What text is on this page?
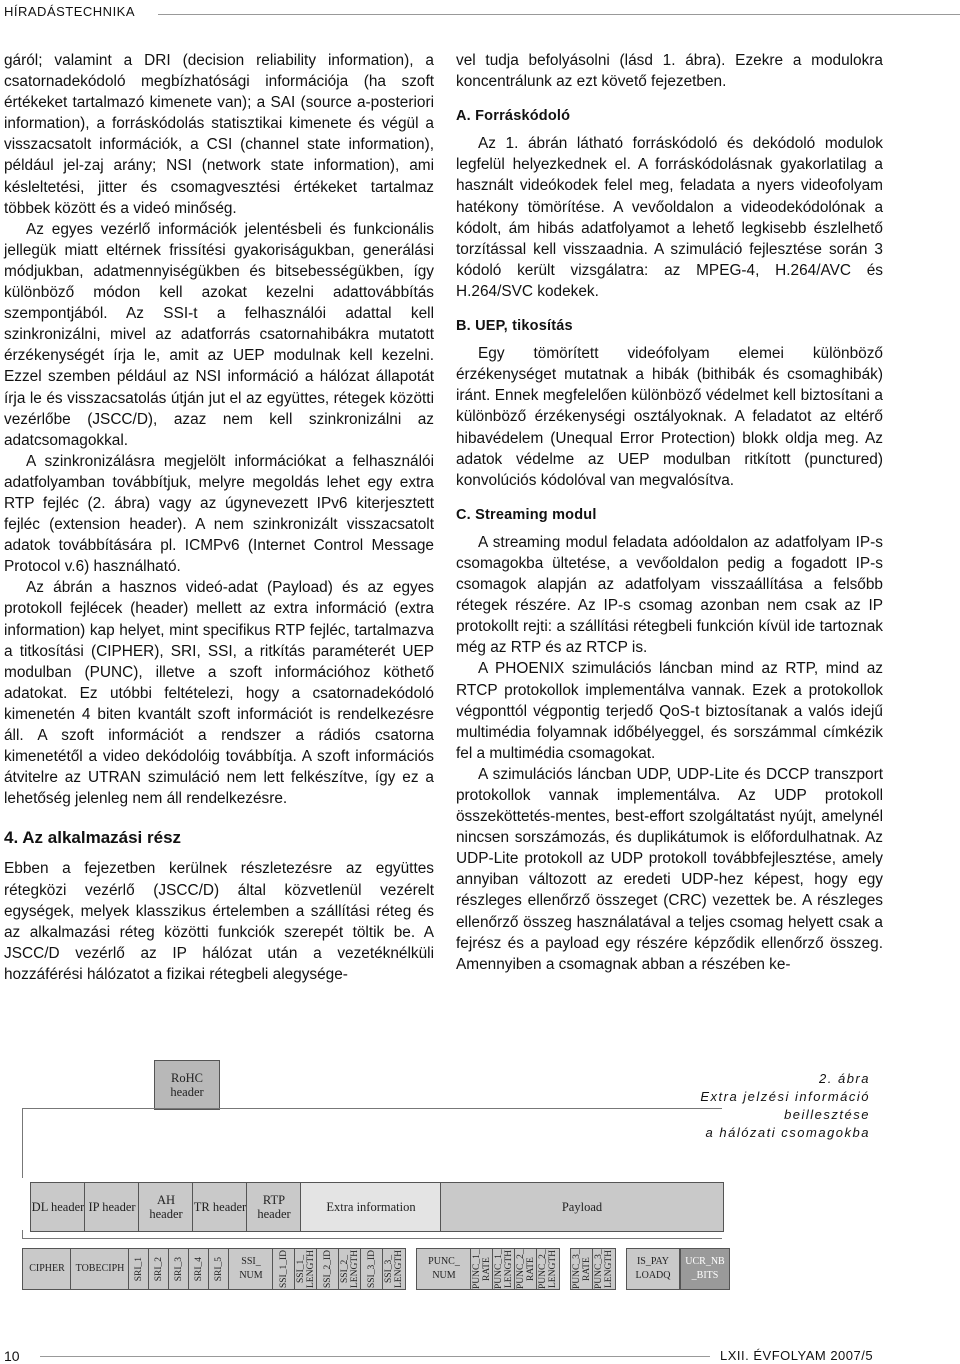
HÍRADÁSTECHNIKA

gáról; valamint a DRI (decision reliability information), a csatornadekódoló megbízhatósági információja (ha szoft értékeket tartalmazó kimenete van); a SAI (source a-posteriori information), a forráskódolás statisztikai kimenete és végül a visszacsatolt információk, a CSI (channel state information), például jel-zaj arány; NSI (network state information), ami késleltetési, jitter és csomagvesztési értékeket tartalmaz többek között és a videó minőség.

Az egyes vezérlő információk jelentésbeli és funkcionális jellegük miatt eltérnek frissítési gyakoriságukban, generálási módjukban, adatmennyiségükben és bitsebességükben, így különböző módon kell azokat kezelni adattovábbítás szempontjából. Az SSI-t a felhasználói adattal kell szinkronizálni, mivel az adatforrás csatornahibákra mutatott érzékenységét írja le, amit az UEP modulnak kell kezelni. Ezzel szemben például az NSI információ a hálózat állapotát írja le és visszacsatolás útján jut el az együttes, rétegek közötti vezérlőbe (JSCC/D), azaz nem kell szinkronizálni az adatcsomagokkal.

A szinkronizálásra megjelölt információkat a felhasználói adatfolyamban továbbítjuk, melyre megoldás lehet egy extra RTP fejléc (2. ábra) vagy az úgynevezett IPv6 kiterjesztett fejléc (extension header). A nem szinkronizált visszacsatolt adatok továbbítására pl. ICMPv6 (Internet Control Message Protocol v.6) használható.

Az ábrán a hasznos videó-adat (Payload) és az egyes protokoll fejlécek (header) mellett az extra információ (extra information) kap helyet, mint specifikus RTP fejléc, tartalmazva a titkosítási (CIPHER), SRI, SSI, a ritkítás paraméterét UEP modulban (PUNC), illetve a szoft információhoz köthető adatokat. Ez utóbbi feltételezi, hogy a csatornadekódoló kimenetén 4 biten kvantált szoft információt is rendelkezésre áll. A szoft információt a rendszer a rádiós csatorna kimenetétől a video dekódolóig továbbítja. A szoft információs átvitelre az UTRAN szimuláció nem lett felkészítve, így ez a lehetőség jelenleg nem áll rendelkezésre.

4. Az alkalmazási rész

Ebben a fejezetben kerülnek részletezésre az együttes rétegközi vezérlő (JSCC/D) által közvetlenül vezérelt egységek, melyek klasszikus értelemben a szállítási réteg és az alkalmazási réteg közötti funkciók szerepét töltik be. A JSCC/D vezérlő az IP hálózat után a vezetéknélküli hozzáférési hálózatot a fizikai rétegbeli alegysége-

vel tudja befolyásolni (lásd 1. ábra). Ezekre a modulokra koncentrálunk az ezt követő fejezetben.

A. Forráskódoló

Az 1. ábrán látható forráskódoló és dekódoló modulok legfelül helyezkednek el. A forráskódolásnak gyakorlatilag a használt videókodek felel meg, feladata a nyers videofolyam hatékony tömörítése. A vevőoldalon a videodekódolónak a kódolt, ám hibás adatfolyamot a lehető legkisebb észlelhető torzítással kell visszaadnia. A szimuláció fejlesztése során 3 kódoló került vizsgálatra: az MPEG-4, H.264/AVC és H.264/SVC kodekek.

B. UEP, tikosítás

Egy tömörített videófolyam elemei különböző érzékenységet mutatnak a hibák (bithibák és csomaghibák) iránt. Ennek megfelelően különböző védelmet kell biztosítani a különböző érzékenységi osztályoknak. A feladatot az eltérő hibavédelem (Unequal Error Protection) blokk oldja meg. Az adatok védelme az UEP modulban ritkított (punctured) konvolúciós kódolóval van megvalósítva.

C. Streaming modul

A streaming modul feladata adóoldalon az adatfolyam IP-s csomagokba ültetése, a vevőoldalon pedig a fogadott IP-s csomagok alapján az adatfolyam visszaállítása a felsőbb rétegek részére. Az IP-s csomag azonban nem csak az IP protokollt rejti: a szállítási rétegbeli funkción kívül ide tartoznak még az RTP és az RTCP is.

A PHOENIX szimulációs láncban mind az RTP, mind az RTCP protokollok implementálva vannak. Ezek a protokollok végponttól végpontig terjedő QoS-t biztosítanak a valós idejű multimédia folyamnak időbélyeggel, és sorszámmal címkézik fel a multimédia csomagokat.

A szimulációs láncban UDP, UDP-Lite és DCCP transzport protokollok vannak implementálva. Az UDP protokoll összeköttetés-mentes, best-effort szolgáltatást nyújt, amelynél nincsen sorszámozás, és duplikátumok is előfordulhatnak. Az UDP-Lite protokoll az UDP protokoll továbbfejlesztése, amely annyiban változott az eredeti UDP-hez képest, hogy egy részleges ellenőrző összeget (CRC) vezettek be. A részleges ellenőrző összeg használatával a teljes csomag helyett csak a fejrész és a payload egy részére képződik ellenőrző összeg. Amennyiben a csomagnak abban a részében ke-

RoHC header
DL header IP header	AH header TR header	RTP header	Extra information	Payload
CIPHER TOBECIPH SRI_1 SRI_2 SRI_3 SRI_4 SRI_5	SSI_ NUM	SSI_1_ID SSI_1_ LENGTH SSI_2_ID SSI_2_ LENGTH SSI_3_ID SSI_3_ LENGTH	PUNC_ NUM	PUNC_1_ RATE PUNC_1_ LENGTH PUNC_2_ RATE PUNC_2_ LENGTH PUNC_3_ RATE PUNC_3_ LENGTH	IS_PAY LOADQ
UCR_NB _BITS
2. ábra
Extra jelzési információ
beillesztése
a hálózati csomagokba
10	LXII. ÉVFOLYAM 2007/5
